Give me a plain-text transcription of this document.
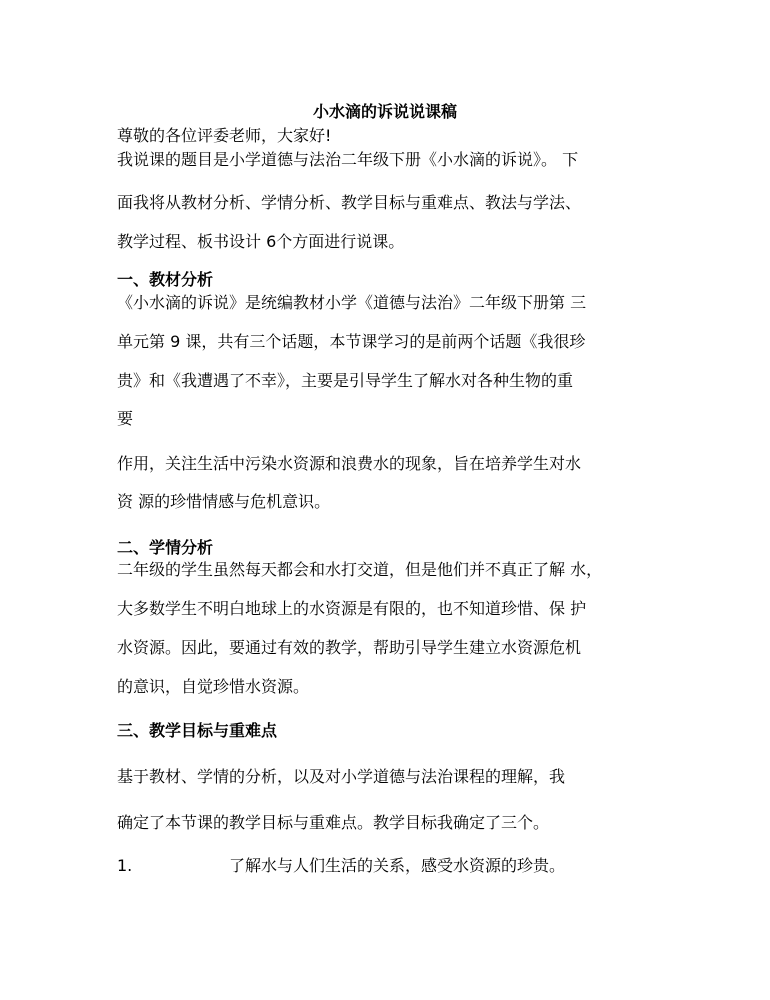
小水滴的诉说说课稿

尊敬的各位评委老师，大家好!

我说课的题目是小学道德与法治二年级下册《小水滴的诉说》。 下

面我将从教材分析、学情分析、教学目标与重难点、教法与学法、

教学过程、板书设计 6个方面进行说课。

一、教材分析

《小水滴的诉说》是统编教材小学《道德与法治》二年级下册第 三

单元第 9 课，共有三个话题，本节课学习的是前两个话题《我很珍

贵》和《我遭遇了不幸》，主要是引导学生了解水对各种生物的重

要

作用，关注生活中污染水资源和浪费水的现象，旨在培养学生对水

资 源的珍惜情感与危机意识。

二、学情分析

二年级的学生虽然每天都会和水打交道，但是他们并不真正了解 水，

大多数学生不明白地球上的水资源是有限的，也不知道珍惜、保 护

水资源。因此，要通过有效的教学，帮助引导学生建立水资源危机

的意识，自觉珍惜水资源。

三、教学目标与重难点

基于教材、学情的分析，以及对小学道德与法治课程的理解，我

确定了本节课的教学目标与重难点。教学目标我确定了三个。

1.	了解水与人们生活的关系，感受水资源的珍贵。
